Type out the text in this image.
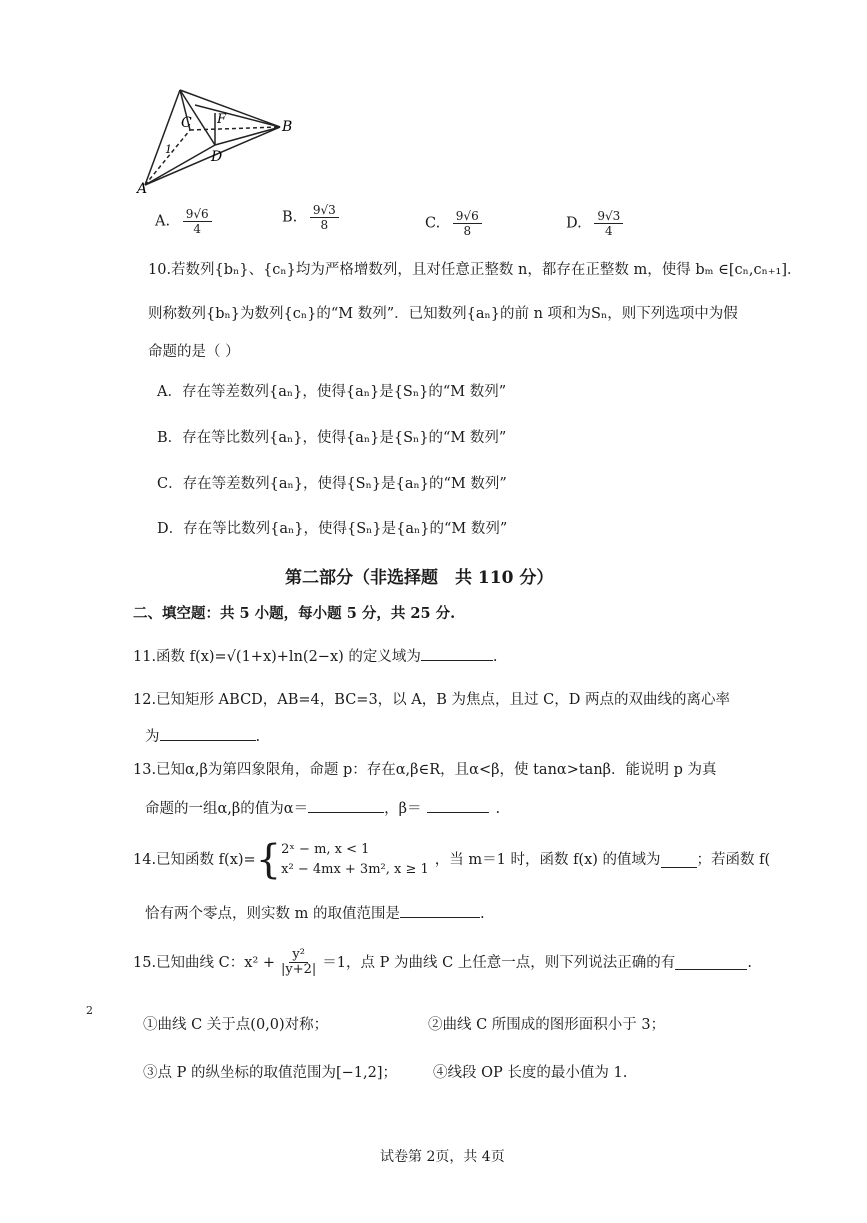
C F
D
B
A
1
A. $\frac{9√6}{4}$	B. $\frac{9√3}{8}$	C. $\frac{9√6}{8}$	D. $\frac{9√3}{4}$
10.若数列{bₙ}、{cₙ}均为严格增数列，且对任意正整数 n，都存在正整数 m，使得 bₘ ∈[cₙ,cₙ₊₁]．
则称数列{bₙ}为数列{cₙ}的“M 数列”．已知数列{aₙ}的前 n 项和为Sₙ，则下列选项中为假
命题的是（ ）
A．存在等差数列{aₙ}，使得{aₙ}是{Sₙ}的“M 数列”
B．存在等比数列{aₙ}，使得{aₙ}是{Sₙ}的“M 数列”
C．存在等差数列{aₙ}，使得{Sₙ}是{aₙ}的“M 数列”
D．存在等比数列{aₙ}，使得{Sₙ}是{aₙ}的“M 数列”
第二部分（非选择题　共 110 分）
二、填空题：共 5 小题，每小题 5 分，共 25 分.
11.函数 f(x)=√(1+x)+ln(2−x) 的定义域为	.
12.已知矩形 ABCD，AB=4，BC=3，以 A，B 为焦点，且过 C，D 两点的双曲线的离心率
为	.
13.已知α,β为第四象限角，命题 p：存在α,β∈R，且α<β，使 tanα>tanβ．能说明 p 为真
命题的一组α,β的值为α＝	，β＝	.
14.已知函数 f(x)= { 2ˣ − m, x < 1
x² − 4mx + 3m², x ≥ 1
，当 m＝1 时，函数 f(x) 的值域为 ；若函数 f(
恰有两个零点，则实数 m 的取值范围是	.
15.已知曲线 C：$x^2 + \frac{\text{y²}}{|y+2|} =1$，点 P 为曲线 C 上任意一点，则下列说法正确的有	.
①曲线 C 关于点(0,0)对称；	②曲线 C 所围成的图形面积小于 3；
③点 P 的纵坐标的取值范围为[−1,2]； ④线段 OP 长度的最小值为 1.
2
试卷第 2页，共 4页
